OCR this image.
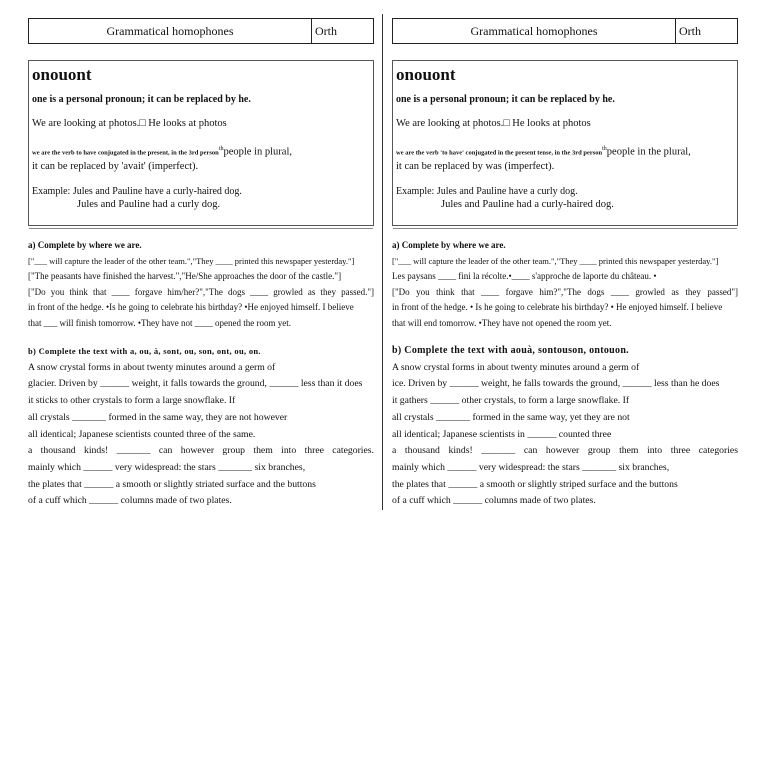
Grammatical homophones	Orth
onouont
one is a personal pronoun; it can be replaced by he.
We are looking at photos.□ He looks at photos
we are the verb to have conjugated in the present, in the 3rd person$^{th}$people in plural,
it can be replaced by 'avait' (imperfect).
Example: Jules and Pauline have a curly-haired dog.
Jules and Pauline had a curly dog.
a) Complete by where we are.
["___ will capture the leader of the other team.","They ____ printed this newspaper yesterday."]
["The peasants have finished the harvest.","He/She approaches the door of the castle."]
["Do you think that ____ forgave him/her?","The dogs ____ growled as they passed."]
in front of the hedge. •Is he going to celebrate his birthday? •He enjoyed himself. I believe
that ___ will finish tomorrow. •They have not ____ opened the room yet.
b) Complete the text with a, ou, à, sont, ou, son, ont, ou, on.
A snow crystal forms in about twenty minutes around a germ of
glacier. Driven by ______ weight, it falls towards the ground, ______ less than it does
it sticks to other crystals to form a large snowflake. If
all crystals _______ formed in the same way, they are not however
all identical; Japanese scientists counted three of the same.
a thousand kinds! _______ can however group them into three categories.
mainly which ______ very widespread: the stars _______ six branches,
the plates that ______ a smooth or slightly striated surface and the buttons
of a cuff which ______ columns made of two plates.
Grammatical homophones	Orth
onouont
one is a personal pronoun; it can be replaced by he.
We are looking at photos.□ He looks at photos
we are the verb 'to have' conjugated in the present tense, in the 3rd person$^{th}$people in the plural,
it can be replaced by was (imperfect).
Example: Jules and Pauline have a curly dog.
Jules and Pauline had a curly-haired dog.
a) Complete by where we are.
["___ will capture the leader of the other team.","They ____ printed this newspaper yesterday."]
Les paysans ____ fini la récolte.•____ s'approche de laporte du château. •
["Do you think that ____ forgave him?","The dogs ____ growled as they passed"]
in front of the hedge. • Is he going to celebrate his birthday? • He enjoyed himself. I believe
that will end tomorrow. •They have not opened the room yet.
b) Complete the text with aouà, sontouson, ontouon.
A snow crystal forms in about twenty minutes around a germ of
ice. Driven by ______ weight, he falls towards the ground, ______ less than he does
it gathers ______ other crystals, to form a large snowflake. If
all crystals _______ formed in the same way, yet they are not
all identical; Japanese scientists in ______ counted three
a thousand kinds! _______ can however group them into three categories
mainly which ______ very widespread: the stars _______ six branches,
the plates that ______ a smooth or slightly striped surface and the buttons
of a cuff which ______ columns made of two plates.
